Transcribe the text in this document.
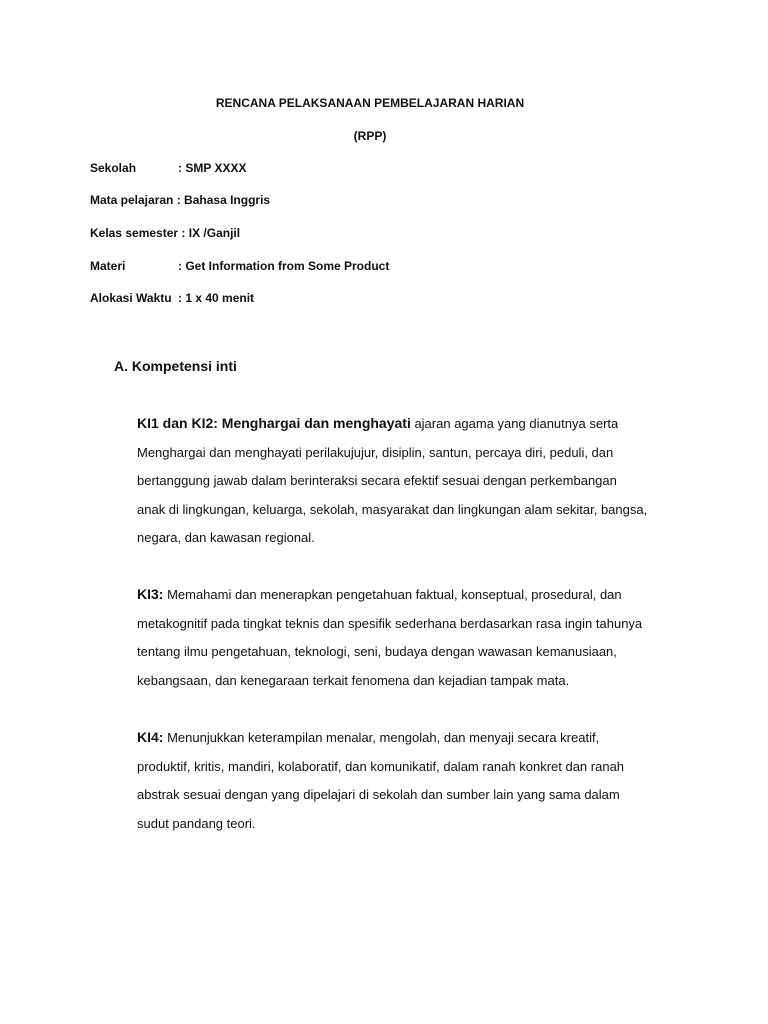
RENCANA PELAKSANAAN PEMBELAJARAN HARIAN
(RPP)
Sekolah	: SMP XXXX
Mata pelajaran : Bahasa Inggris
Kelas semester : IX /Ganjil
Materi	: Get Information from Some Product
Alokasi Waktu : 1 x 40 menit
A. Kompetensi inti
KI1 dan KI2: Menghargai dan menghayati ajaran agama yang dianutnya serta
Menghargai dan menghayati perilakujujur, disiplin, santun, percaya diri, peduli, dan
bertanggung jawab dalam berinteraksi secara efektif sesuai dengan perkembangan
anak di lingkungan, keluarga, sekolah, masyarakat dan lingkungan alam sekitar, bangsa,
negara, dan kawasan regional.
KI3: Memahami dan menerapkan pengetahuan faktual, konseptual, prosedural, dan
metakognitif pada tingkat teknis dan spesifik sederhana berdasarkan rasa ingin tahunya
tentang ilmu pengetahuan, teknologi, seni, budaya dengan wawasan kemanusiaan,
kebangsaan, dan kenegaraan terkait fenomena dan kejadian tampak mata.
KI4: Menunjukkan keterampilan menalar, mengolah, dan menyaji secara kreatif,
produktif, kritis, mandiri, kolaboratif, dan komunikatif, dalam ranah konkret dan ranah
abstrak sesuai dengan yang dipelajari di sekolah dan sumber lain yang sama dalam
sudut pandang teori.
